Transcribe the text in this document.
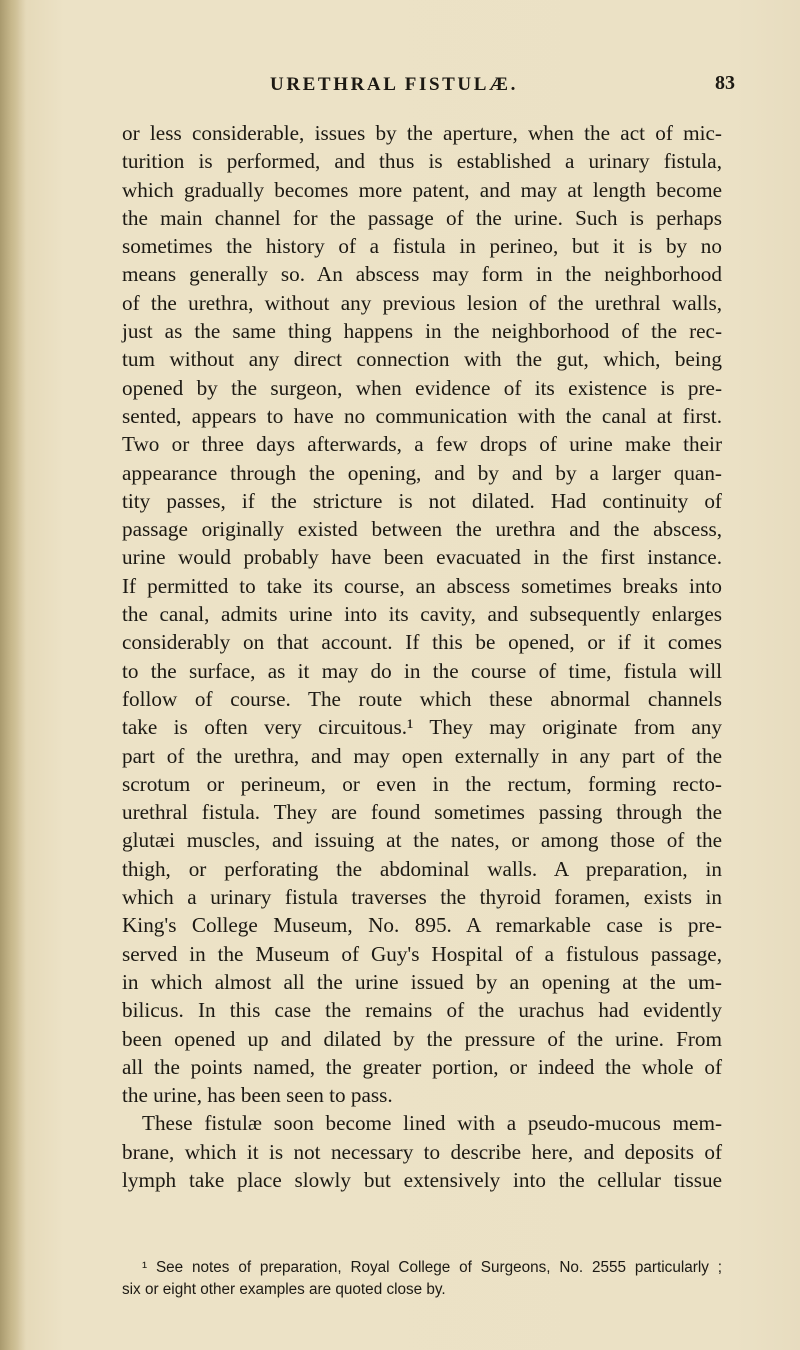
URETHRAL FISTULÆ.	83
or less considerable, issues by the aperture, when the act of mic-
turition is performed, and thus is established a urinary fistula,
which gradually becomes more patent, and may at length become
the main channel for the passage of the urine. Such is perhaps
sometimes the history of a fistula in perineo, but it is by no
means generally so. An abscess may form in the neighborhood
of the urethra, without any previous lesion of the urethral walls,
just as the same thing happens in the neighborhood of the rec-
tum without any direct connection with the gut, which, being
opened by the surgeon, when evidence of its existence is pre-
sented, appears to have no communication with the canal at first.
Two or three days afterwards, a few drops of urine make their
appearance through the opening, and by and by a larger quan-
tity passes, if the stricture is not dilated. Had continuity of
passage originally existed between the urethra and the abscess,
urine would probably have been evacuated in the first instance.
If permitted to take its course, an abscess sometimes breaks into
the canal, admits urine into its cavity, and subsequently enlarges
considerably on that account. If this be opened, or if it comes
to the surface, as it may do in the course of time, fistula will
follow of course. The route which these abnormal channels
take is often very circuitous.¹ They may originate from any
part of the urethra, and may open externally in any part of the
scrotum or perineum, or even in the rectum, forming recto-
urethral fistula. They are found sometimes passing through the
glutæi muscles, and issuing at the nates, or among those of the
thigh, or perforating the abdominal walls. A preparation, in
which a urinary fistula traverses the thyroid foramen, exists in
King's College Museum, No. 895. A remarkable case is pre-
served in the Museum of Guy's Hospital of a fistulous passage,
in which almost all the urine issued by an opening at the um-
bilicus. In this case the remains of the urachus had evidently
been opened up and dilated by the pressure of the urine. From
all the points named, the greater portion, or indeed the whole of
the urine, has been seen to pass.
These fistulæ soon become lined with a pseudo-mucous mem-
brane, which it is not necessary to describe here, and deposits of
lymph take place slowly but extensively into the cellular tissue
¹ See notes of preparation, Royal College of Surgeons, No. 2555 particularly ;
six or eight other examples are quoted close by.
